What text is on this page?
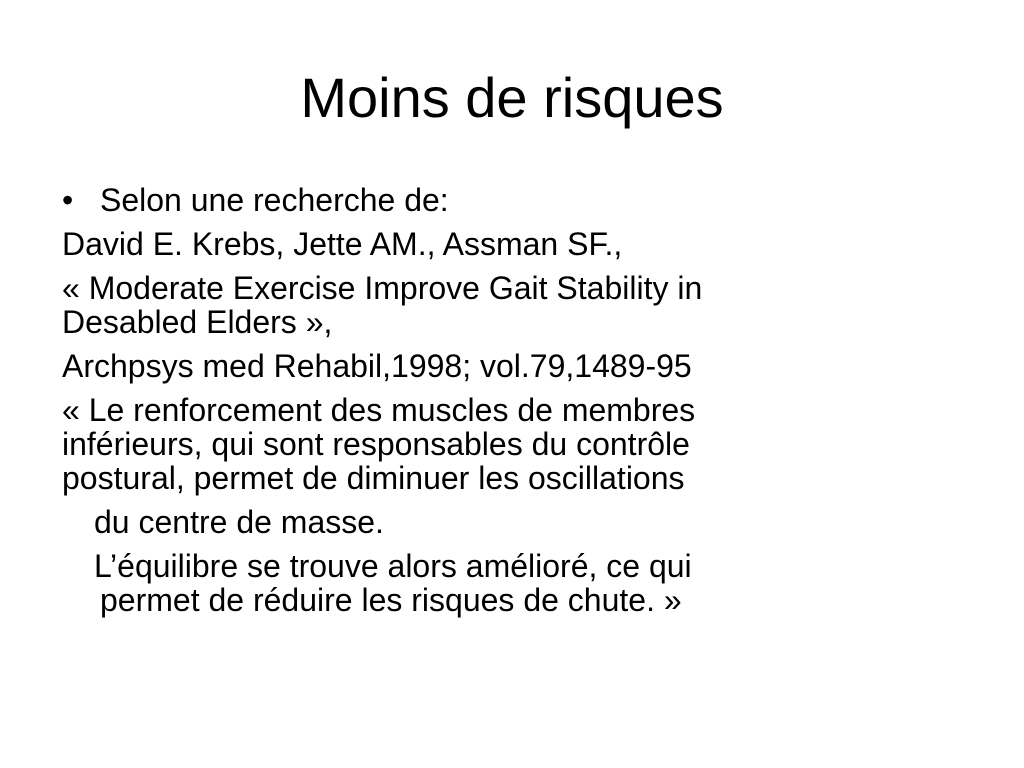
Moins de risques
• Selon une recherche de:

David E. Krebs, Jette AM., Assman SF.,

« Moderate Exercise Improve Gait Stability in
Desabled Elders »,

Archpsys med Rehabil,1998; vol.79,1489-95

« Le renforcement des muscles de membres
inférieurs, qui sont responsables du contrôle
postural, permet de diminuer les oscillations

du centre de masse.

L’équilibre se trouve alors amélioré, ce qui
permet de réduire les risques de chute. »
